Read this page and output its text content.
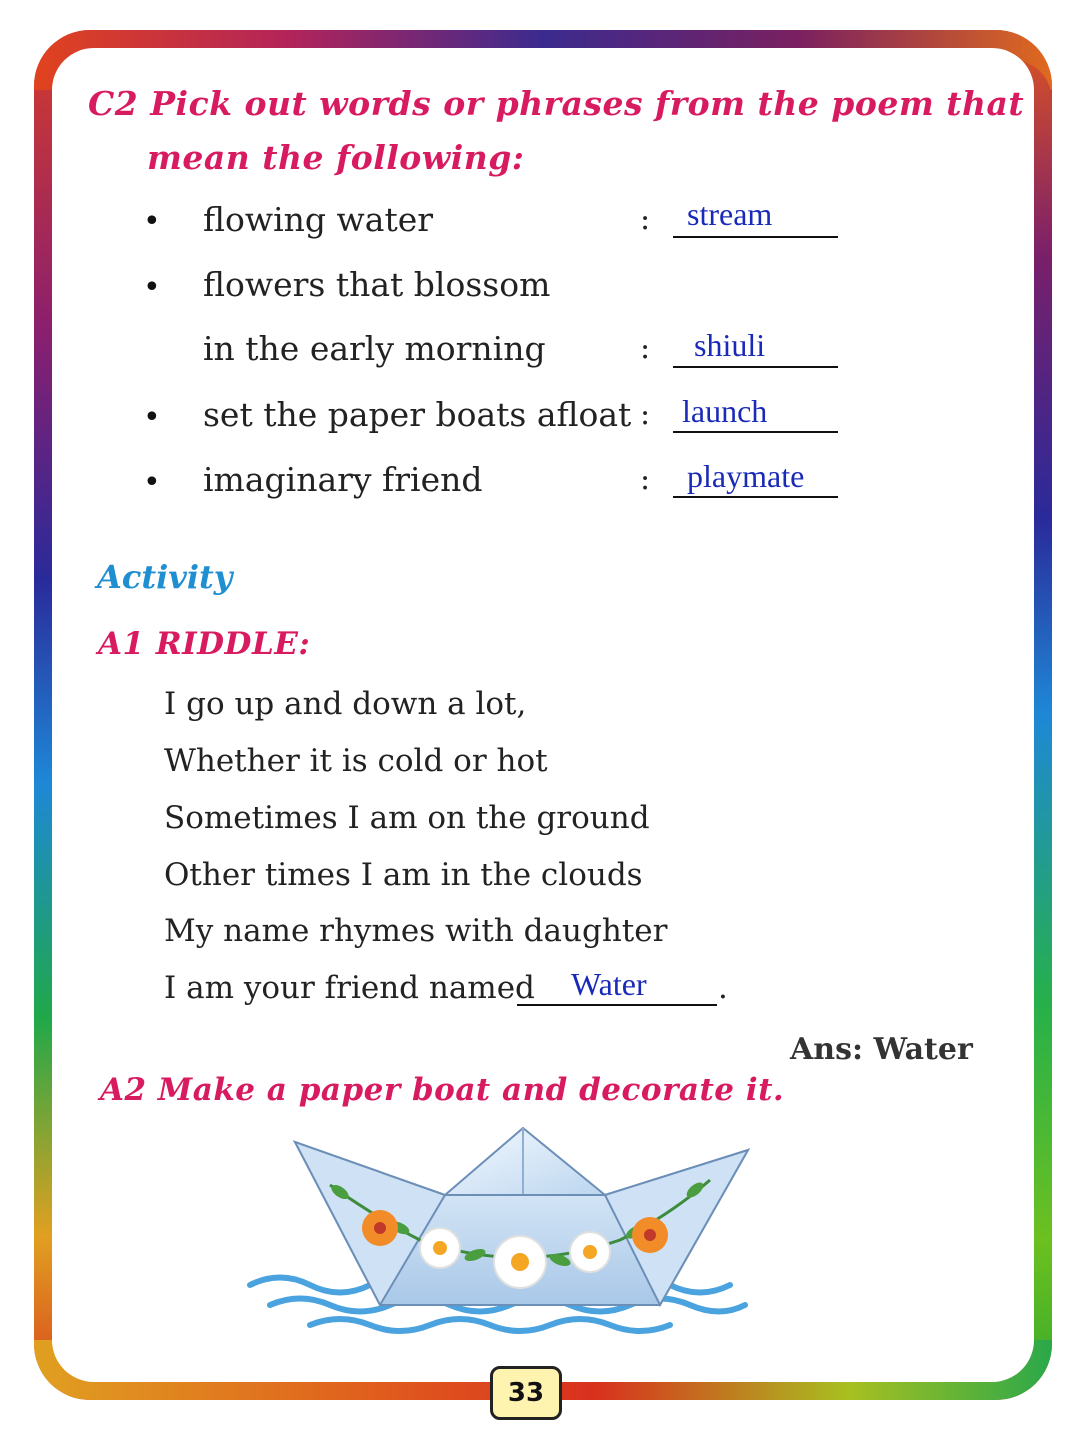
C2 Pick out words or phrases from the poem that

mean the following:

• flowing water	: stream
• flowers that blossom
in the early morning	: shiuli
• set the paper boats afloat : launch
• imaginary friend	: playmate

Activity

A1 RIDDLE:

I go up and down a lot,

Whether it is cold or hot

Sometimes I am on the ground

Other times I am in the clouds

My name rhymes with daughter

I am your friend named Water .

Ans: Water

A2 Make a paper boat and decorate it.

33
